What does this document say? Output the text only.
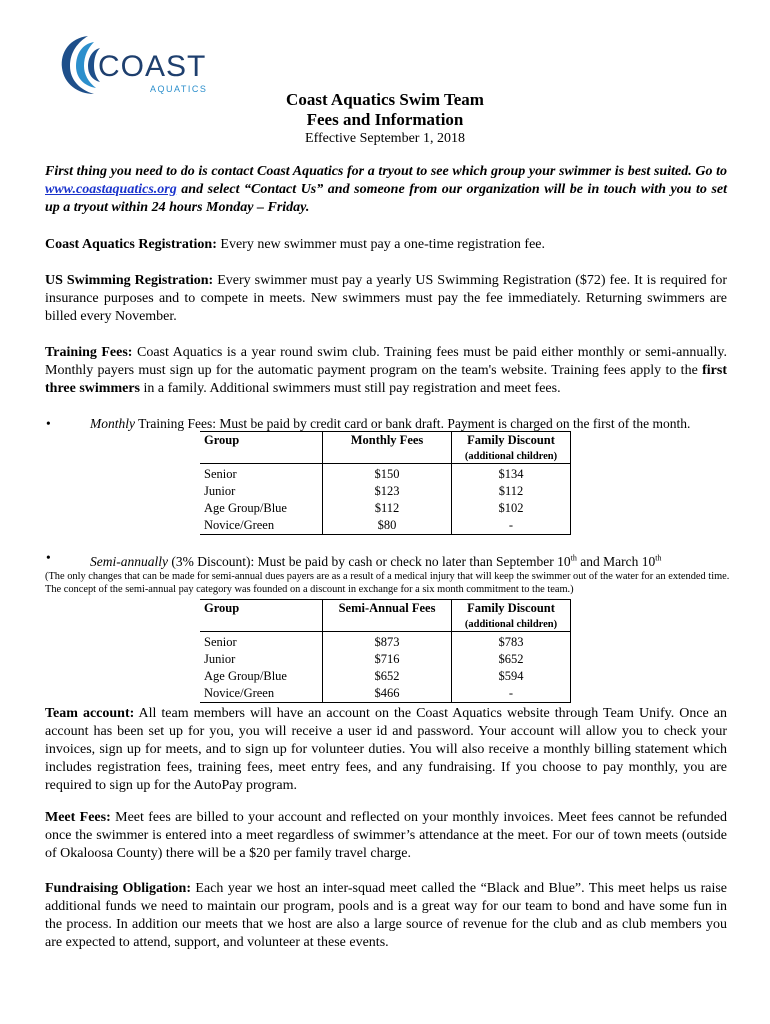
COAST
AQUATICS
Coast Aquatics Swim Team
Fees and Information
Effective September 1, 2018
First thing you need to do is contact Coast Aquatics for a tryout to see which group your swimmer is best suited. Go to www.coastaquatics.org and select “Contact Us” and someone from our organization will be in touch with you to set up a tryout within 24 hours Monday – Friday.
Coast Aquatics Registration: Every new swimmer must pay a one-time registration fee.
US Swimming Registration: Every swimmer must pay a yearly US Swimming Registration ($72) fee. It is required for insurance purposes and to compete in meets. New swimmers must pay the fee immediately. Returning swimmers are billed every November.
Training Fees: Coast Aquatics is a year round swim club. Training fees must be paid either monthly or semi-annually. Monthly payers must sign up for the automatic payment program on the team's website. Training fees apply to the first three swimmers in a family. Additional swimmers must still pay registration and meet fees.
•	Monthly Training Fees: Must be paid by credit card or bank draft. Payment is charged on the first of the month.
Group	Monthly Fees	Family Discount
		(additional children)
Senior	$150	$134
Junior	$123	$112
Age Group/Blue	$112	$102
Novice/Green	$80	-
•	Semi-annually (3% Discount): Must be paid by cash or check no later than September 10th and March 10th
(The only changes that can be made for semi-annual dues payers are as a result of a medical injury that will keep the swimmer out of the water for an extended time. The concept of the semi-annual pay category was founded on a discount in exchange for a six month commitment to the team.)
Group	Semi-Annual Fees	Family Discount
		(additional children)
Senior	$873	$783
Junior	$716	$652
Age Group/Blue	$652	$594
Novice/Green	$466	-
Team account: All team members will have an account on the Coast Aquatics website through Team Unify. Once an account has been set up for you, you will receive a user id and password. Your account will allow you to check your invoices, sign up for meets, and to sign up for volunteer duties. You will also receive a monthly billing statement which includes registration fees, training fees, meet entry fees, and any fundraising. If you choose to pay monthly, you are required to sign up for the AutoPay program.
Meet Fees: Meet fees are billed to your account and reflected on your monthly invoices. Meet fees cannot be refunded once the swimmer is entered into a meet regardless of swimmer’s attendance at the meet. For our of town meets (outside of Okaloosa County) there will be a $20 per family travel charge.
Fundraising Obligation: Each year we host an inter-squad meet called the “Black and Blue”. This meet helps us raise additional funds we need to maintain our program, pools and is a great way for our team to bond and have some fun in the process. In addition our meets that we host are also a large source of revenue for the club and as club members you are expected to attend, support, and volunteer at these events.
